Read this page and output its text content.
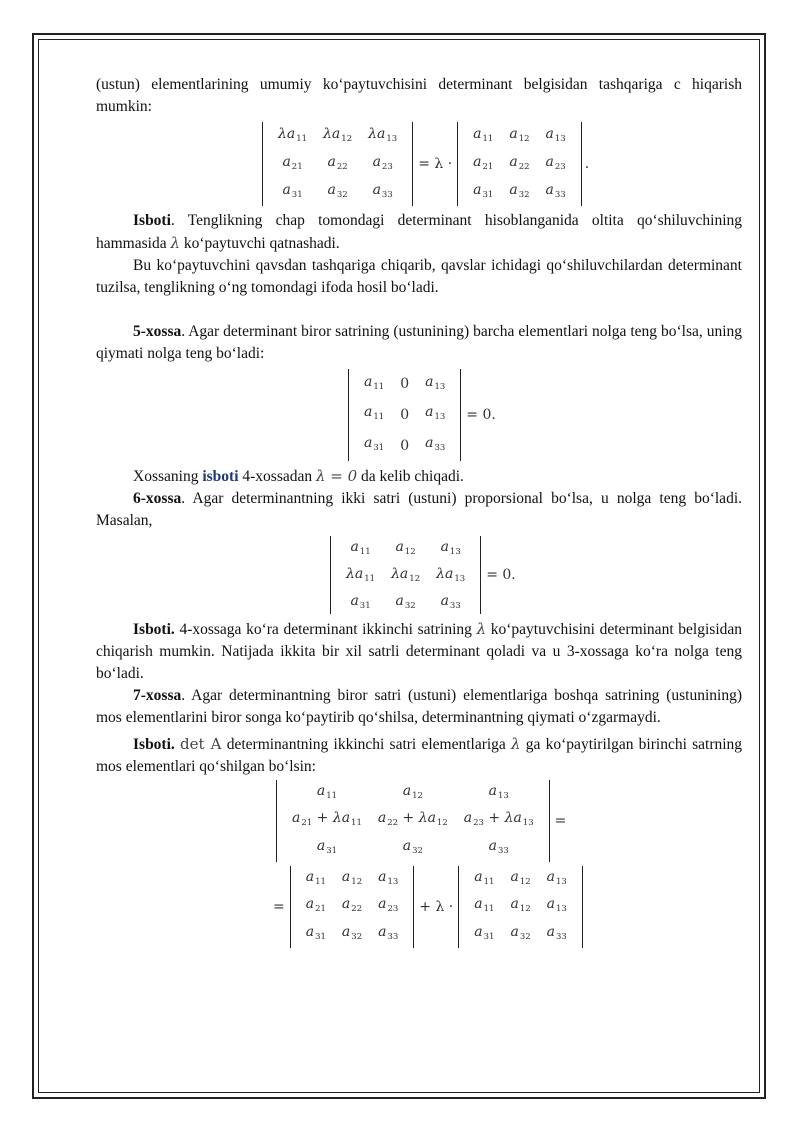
(ustun) elementlarining umumiy ko‘paytuvchisini determinant belgisidan tashqariga c hiqarish mumkin:

$\lambda a_{11}$	$\lambda a_{12}$	$\lambda a_{13}$
$a_{21}$	$a_{22}$	$a_{23}$
$a_{31}$	$a_{32}$	$a_{33}$
= λ ·
$a_{11}$	$a_{12}$	$a_{13}$
$a_{21}$	$a_{22}$	$a_{23}$
$a_{31}$	$a_{32}$	$a_{33}$
.

Isboti. Tenglikning chap tomondagi determinant hisoblanganida oltita qo‘shiluvchining hammasida λ ko‘paytuvchi qatnashadi.

Bu ko‘paytuvchini qavsdan tashqariga chiqarib, qavslar ichidagi qo‘shiluvchilardan determinant tuzilsa, tenglikning o‘ng tomondagi ifoda hosil bo‘ladi.

5-xossa. Agar determinant biror satrining (ustunining) barcha elementlari nolga teng bo‘lsa, uning qiymati nolga teng bo‘ladi:

$a_{11}$	0	$a_{13}$
$a_{11}$	0	$a_{13}$
$a_{31}$	0	$a_{33}$
= 0.

Xossaning isboti 4-xossadan λ = 0 da kelib chiqadi.

6-xossa. Agar determinantning ikki satri (ustuni) proporsional bo‘lsa, u nolga teng bo‘ladi. Masalan,

$a_{11}$	$a_{12}$	$a_{13}$
$\lambda a_{11}$	$\lambda a_{12}$	$\lambda a_{13}$
$a_{31}$	$a_{32}$	$a_{33}$
= 0.

Isboti. 4-xossaga ko‘ra determinant ikkinchi satrining λ ko‘paytuvchisini determinant belgisidan chiqarish mumkin. Natijada ikkita bir xil satrli determinant qoladi va u 3-xossaga ko‘ra nolga teng bo‘ladi.

7-xossa. Agar determinantning biror satri (ustuni) elementlariga boshqa satrining (ustunining) mos elementlarini biror songa ko‘paytirib qo‘shilsa, determinantning qiymati o‘zgarmaydi.

Isboti. det A determinantning ikkinchi satri elementlariga λ ga ko‘paytirilgan birinchi satrning mos elementlari qo‘shilgan bo‘lsin:

$a_{11}$	$a_{12}$	$a_{13}$
$a_{21} + \lambda a_{11}$	$a_{22} + \lambda a_{12}$	$a_{23} + \lambda a_{13}$
$a_{31}$	$a_{32}$	$a_{33}$
=
=
$a_{11}$	$a_{12}$	$a_{13}$
$a_{21}$	$a_{22}$	$a_{23}$
$a_{31}$	$a_{32}$	$a_{33}$
+ λ ·
$a_{11}$	$a_{12}$	$a_{13}$
$a_{11}$	$a_{12}$	$a_{13}$
$a_{31}$	$a_{32}$	$a_{33}$
